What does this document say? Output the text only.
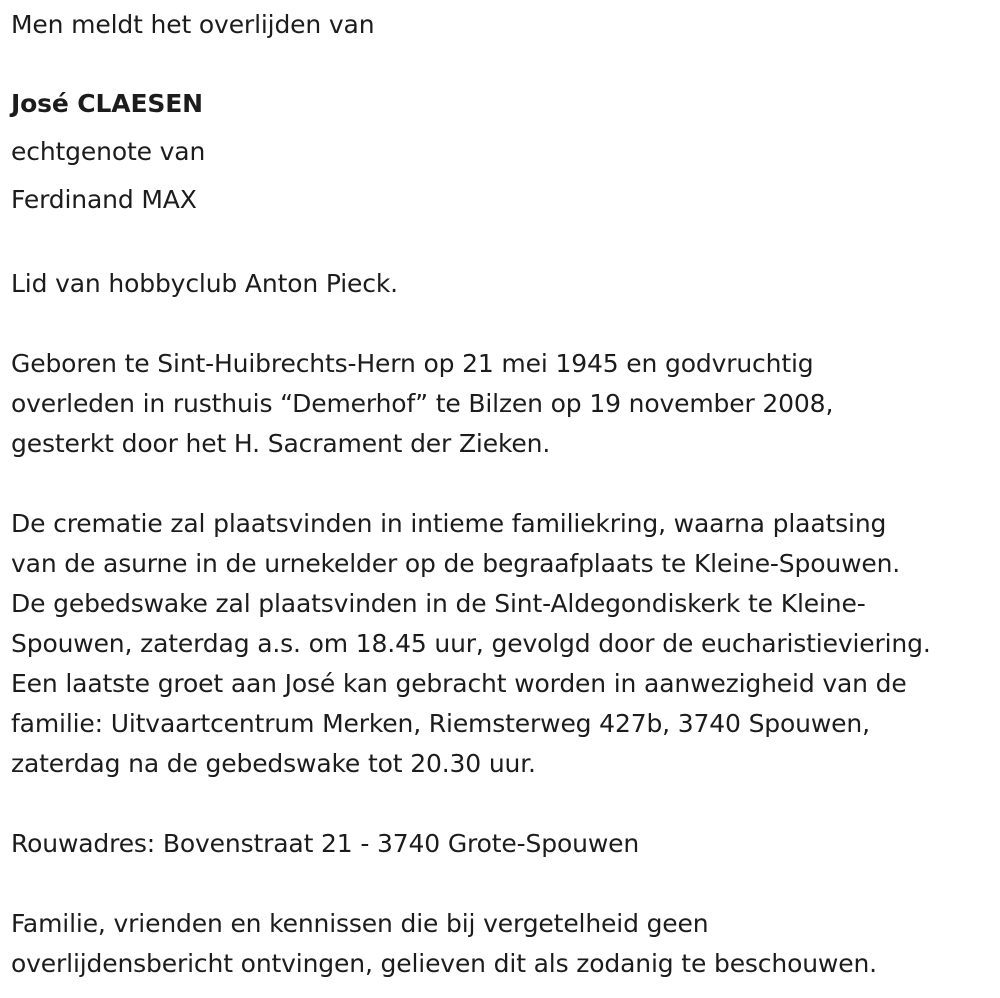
Men meldt het overlijden van

José CLAESEN

echtgenote van

Ferdinand MAX

Lid van hobbyclub Anton Pieck.

Geboren te Sint-Huibrechts-Hern op 21 mei 1945 en godvruchtig

overleden in rusthuis “Demerhof” te Bilzen op 19 november 2008,

gesterkt door het H. Sacrament der Zieken.

De crematie zal plaatsvinden in intieme familiekring, waarna plaatsing

van de asurne in de urnekelder op de begraafplaats te Kleine-Spouwen.

De gebedswake zal plaatsvinden in de Sint-Aldegondiskerk te Kleine-

Spouwen, zaterdag a.s. om 18.45 uur, gevolgd door de eucharistieviering.

Een laatste groet aan José kan gebracht worden in aanwezigheid van de

familie: Uitvaartcentrum Merken, Riemsterweg 427b, 3740 Spouwen,

zaterdag na de gebedswake tot 20.30 uur.

Rouwadres: Bovenstraat 21 - 3740 Grote-Spouwen

Familie, vrienden en kennissen die bij vergetelheid geen

overlijdensbericht ontvingen, gelieven dit als zodanig te beschouwen.
